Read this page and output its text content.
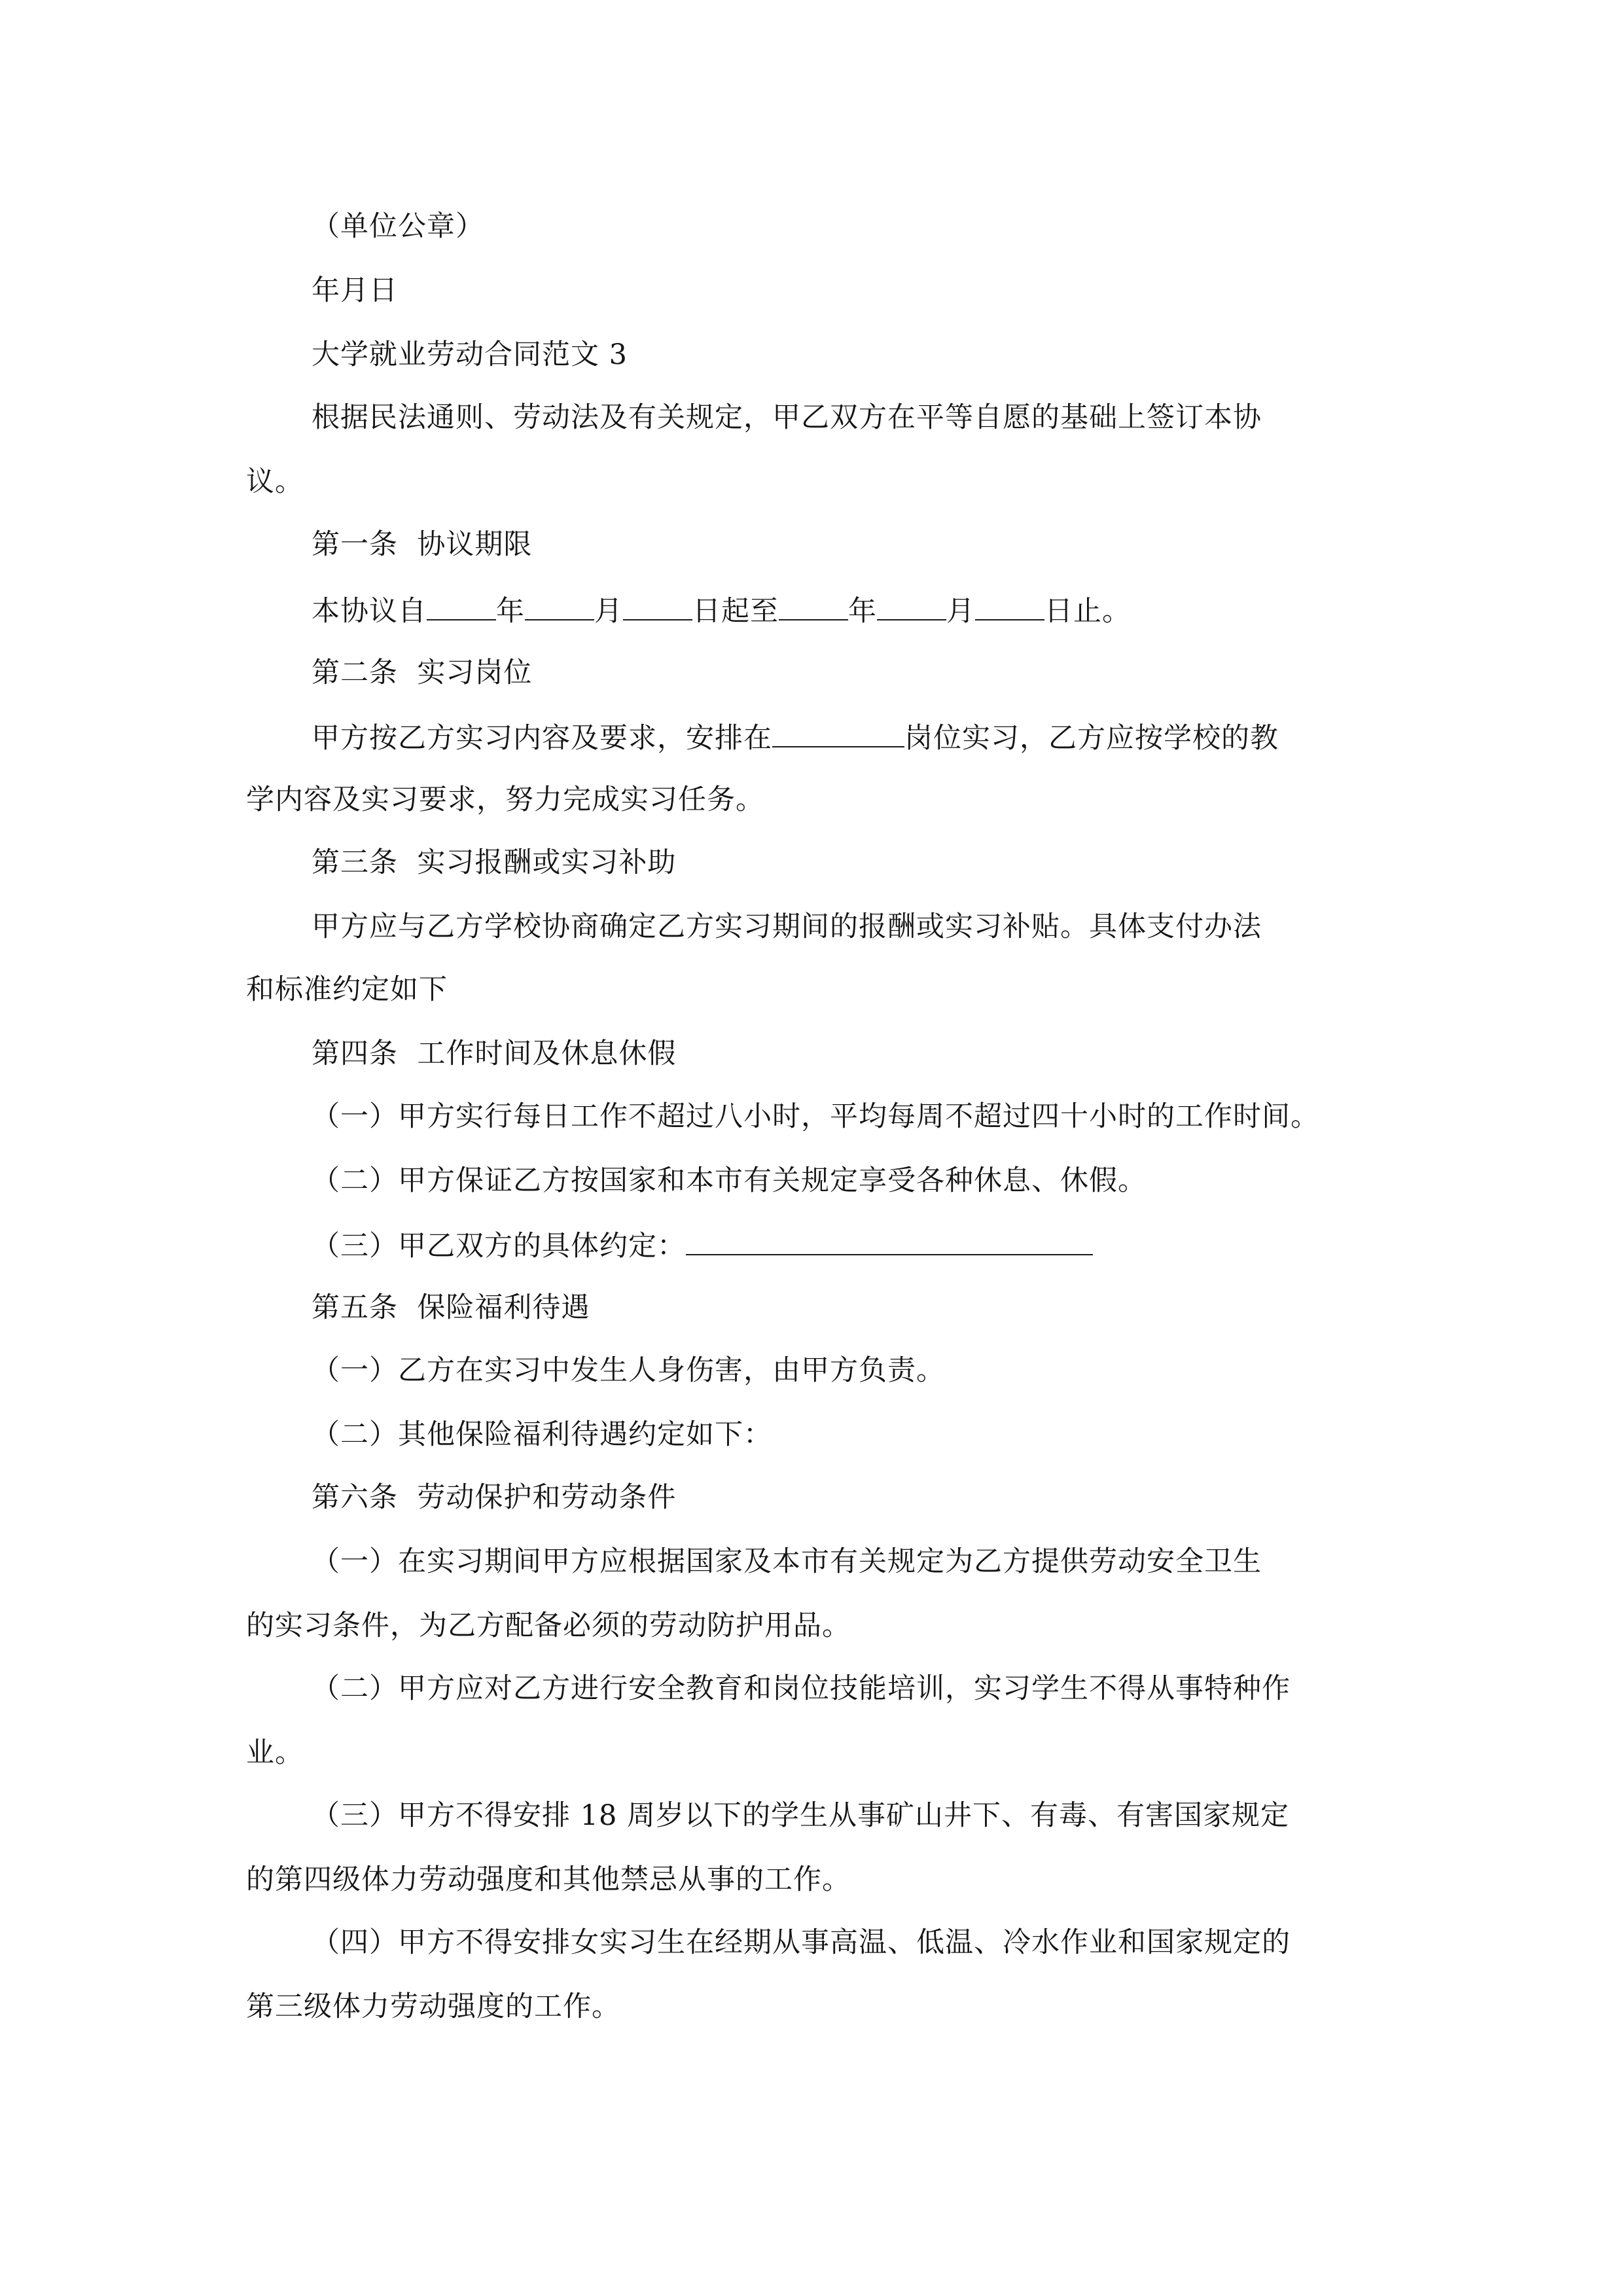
（单位公章）
年月日
大学就业劳动合同范文 3
根据民法通则、劳动法及有关规定，甲乙双方在平等自愿的基础上签订本协
议。
第一条  协议期限
本协议自 年 月 日起至 年 月 日止。
第二条  实习岗位
甲方按乙方实习内容及要求，安排在	岗位实习，乙方应按学校的教
学内容及实习要求，努力完成实习任务。
第三条  实习报酬或实习补助
甲方应与乙方学校协商确定乙方实习期间的报酬或实习补贴。具体支付办法
和标准约定如下
第四条  工作时间及休息休假
（一）甲方实行每日工作不超过八小时，平均每周不超过四十小时的工作时间。
（二）甲方保证乙方按国家和本市有关规定享受各种休息、休假。
（三）甲乙双方的具体约定：
第五条  保险福利待遇
（一）乙方在实习中发生人身伤害，由甲方负责。
（二）其他保险福利待遇约定如下：
第六条  劳动保护和劳动条件
（一）在实习期间甲方应根据国家及本市有关规定为乙方提供劳动安全卫生
的实习条件，为乙方配备必须的劳动防护用品。
（二）甲方应对乙方进行安全教育和岗位技能培训，实习学生不得从事特种作
业。
（三）甲方不得安排 18 周岁以下的学生从事矿山井下、有毒、有害国家规定
的第四级体力劳动强度和其他禁忌从事的工作。
（四）甲方不得安排女实习生在经期从事高温、低温、冷水作业和国家规定的
第三级体力劳动强度的工作。
